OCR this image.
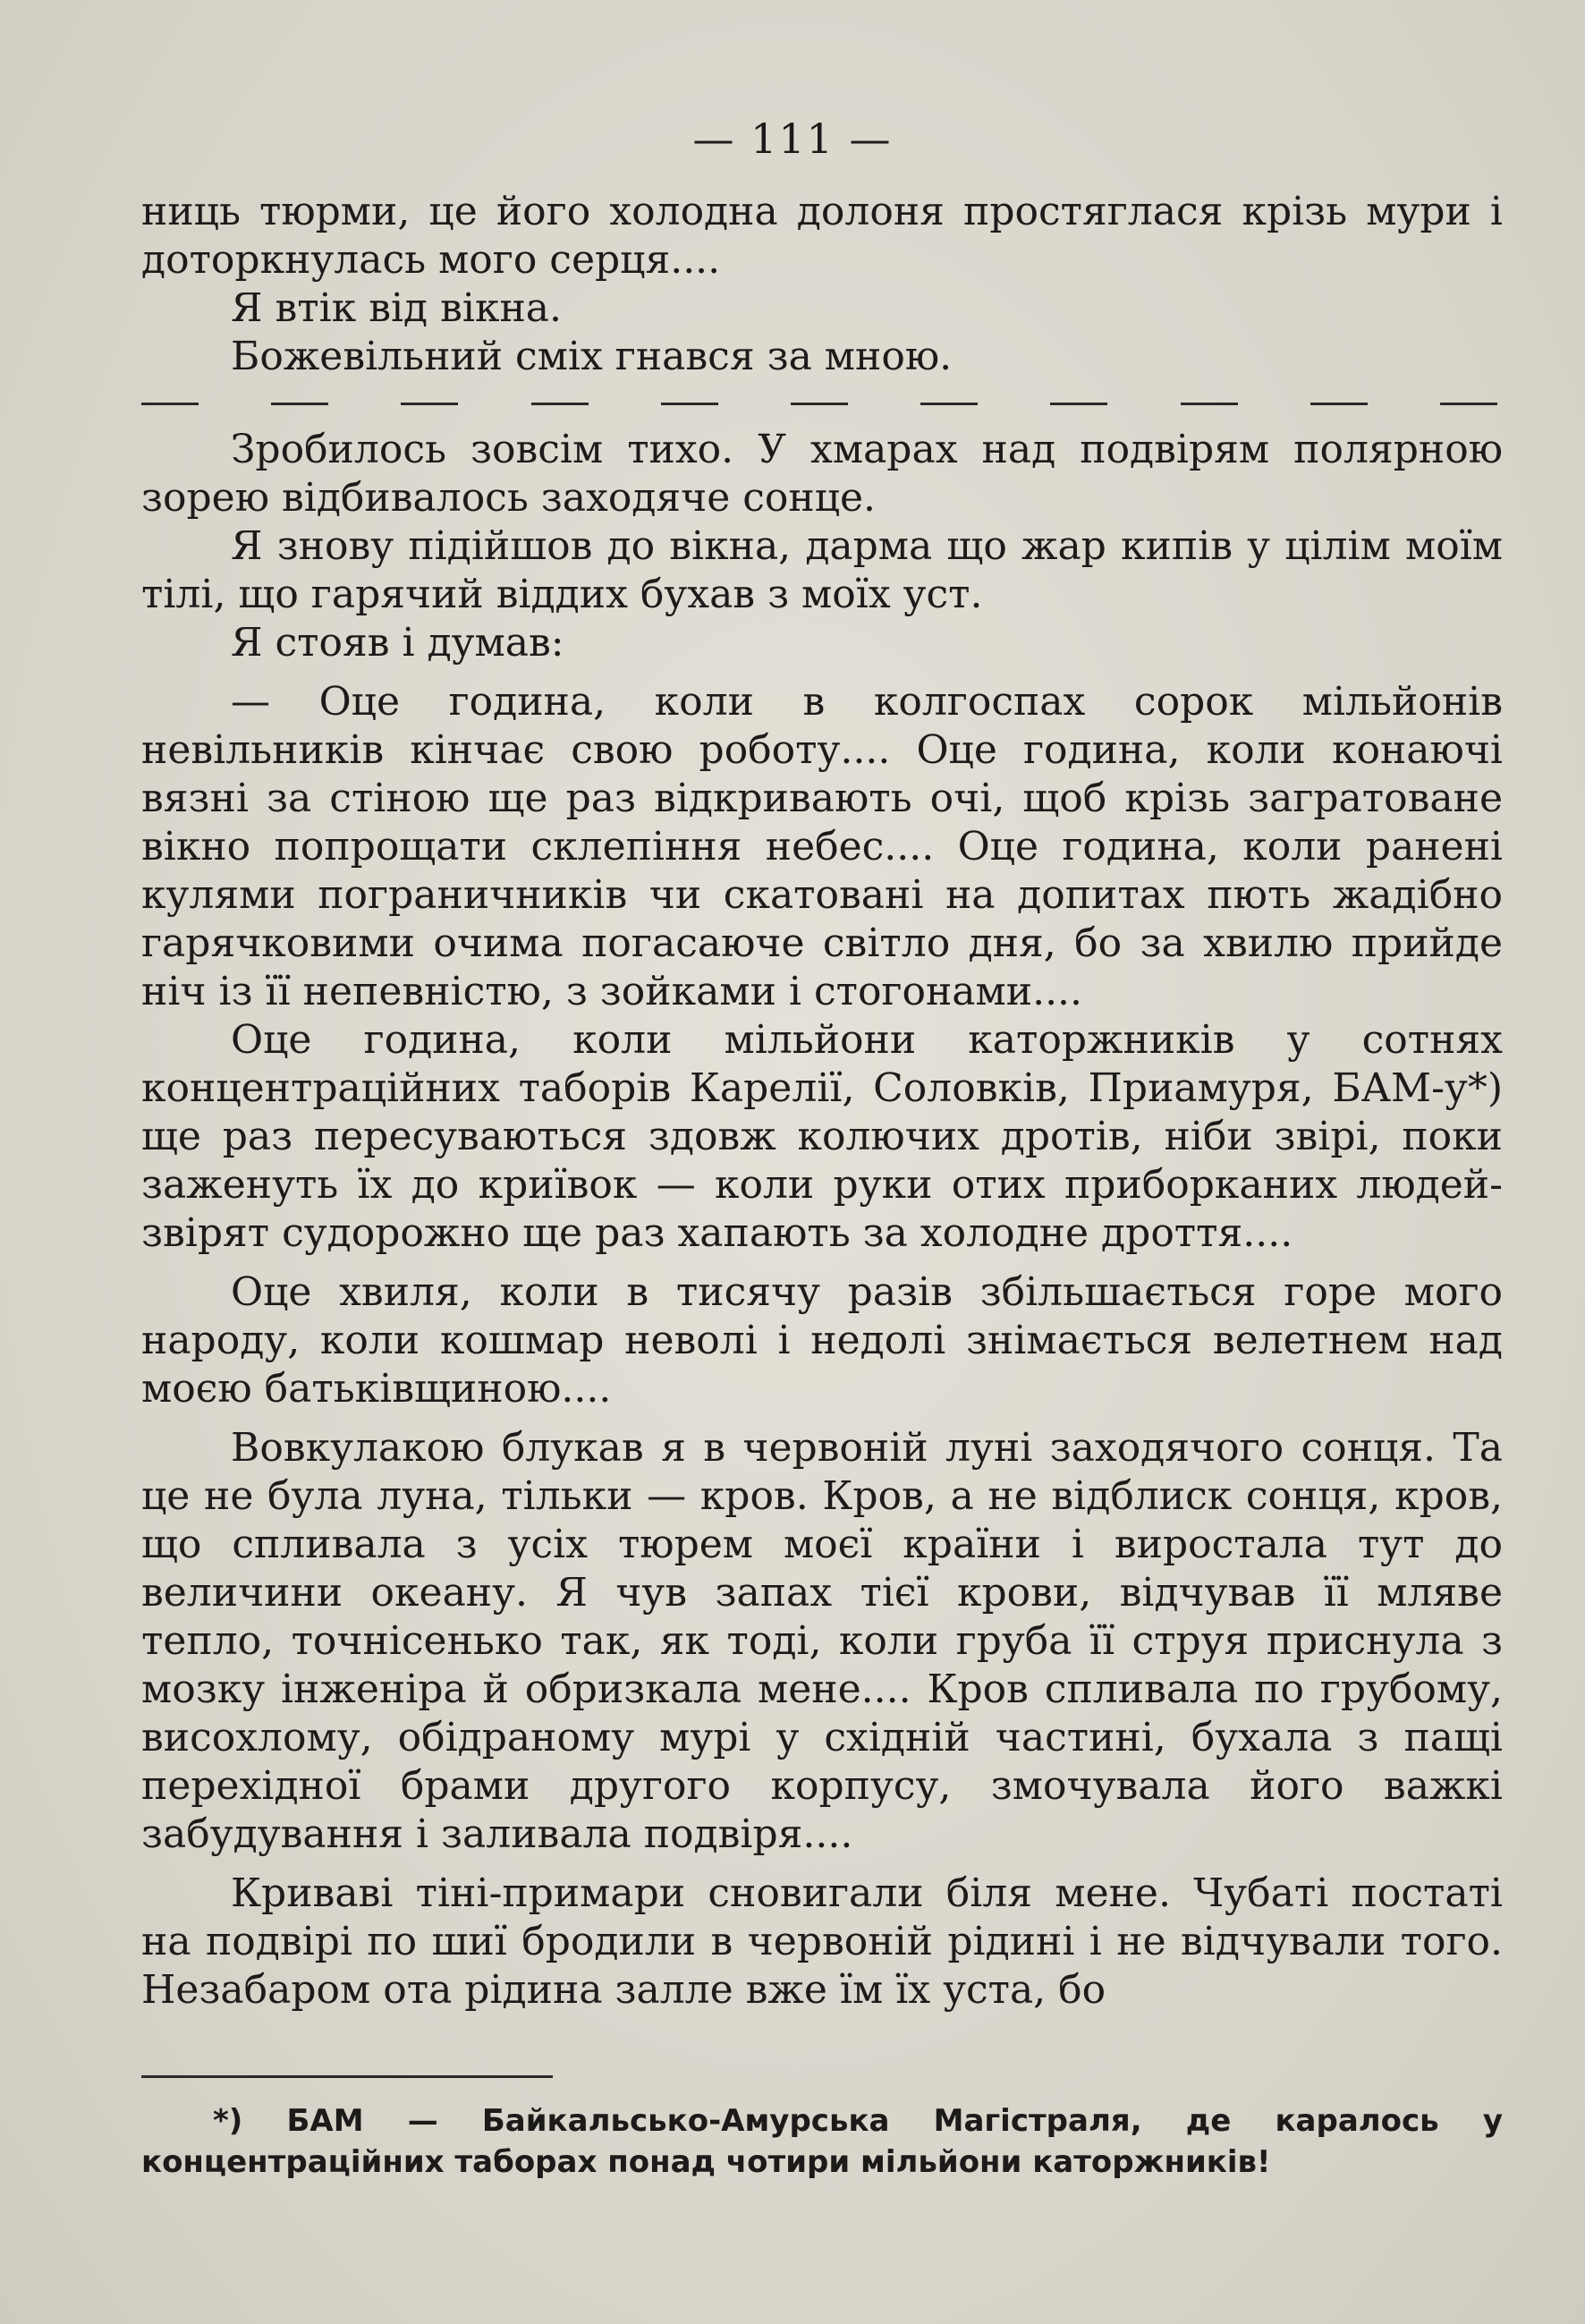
— 111 —

ниць тюрми, це його холодна долоня простяглася крізь мури і доторкнулась мого серця....

Я втік від вікна.

Божевільний сміх гнався за мною.

Зробилось зовсім тихо. У хмарах над подвірям полярною зорею відбивалось заходяче сонце.

Я знову підійшов до вікна, дарма що жар кипів у цілім моїм тілі, що гарячий віддих бухав з моїх уст.

Я стояв і думав:

— Оце година, коли в колгоспах сорок мільйонів невільників кінчає свою роботу.... Оце година, коли конаючі вязні за стіною ще раз відкривають очі, щоб крізь загратоване вікно попрощати склепіння небес.... Оце година, коли ранені кулями пограничників чи скатовані на допитах пють жадібно гарячковими очима погасаюче світло дня, бо за хвилю прийде ніч із її непевністю, з зойками і стогонами....

Оце година, коли мільйони каторжників у сотнях концентраційних таборів Карелії, Соловків, Приамуря, БАМ-у*) ще раз пересуваються здовж колючих дротів, ніби звірі, поки заженуть їх до криївок — коли руки отих приборканих людей-звірят судорожно ще раз хапають за холодне дроття....

Оце хвиля, коли в тисячу разів збільшається горе мого народу, коли кошмар неволі і недолі знімається велетнем над моєю батьківщиною....

Вовкулакою блукав я в червоній луні заходячого сонця. Та це не була луна, тільки — кров. Кров, а не відблиск сонця, кров, що спливала з усіх тюрем моєї країни і виростала тут до величини океану. Я чув запах тієї крови, відчував її мляве тепло, точнісенько так, як тоді, коли груба її струя приснула з мозку інженіра й обризкала мене.... Кров спливала по грубому, висохлому, обідраному мурі у східній частині, бухала з пащі перехідної брами другого корпусу, змочувала його важкі забудування і заливала подвіря....

Криваві тіні-примари сновигали біля мене. Чубаті постаті на подвірі по шиї бродили в червоній рідині і не відчували того. Незабаром ота рідина залле вже їм їх уста, бо

*) БАМ — Байкальсько-Амурська Магістраля, де каралось у концентраційних таборах понад чотири мільйони каторжників!
